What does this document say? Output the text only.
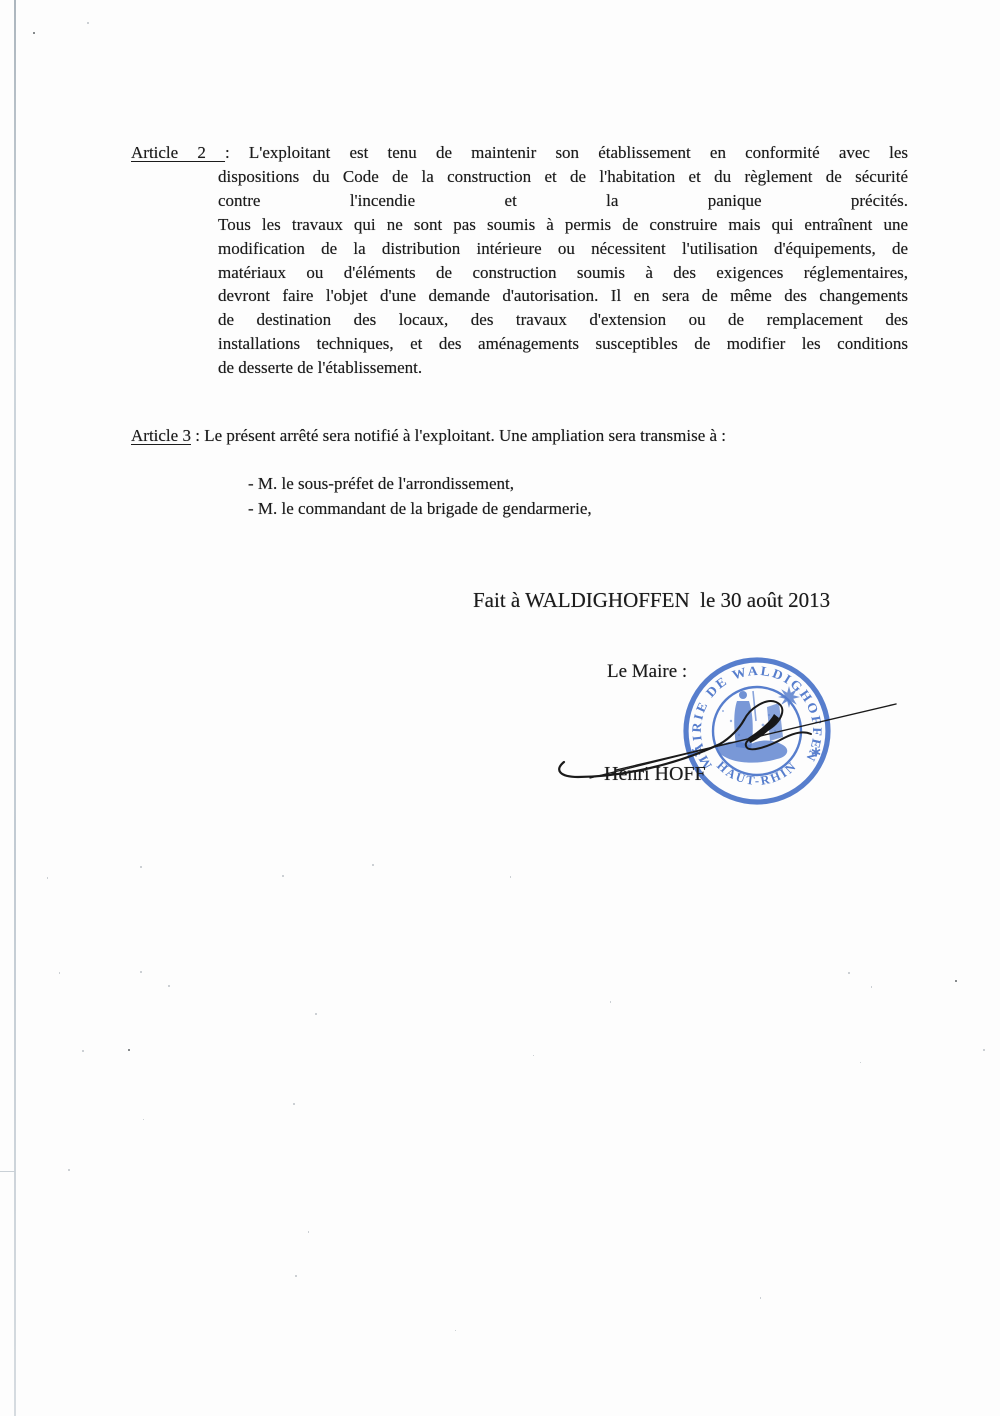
Article 2 : L'exploitant est tenu de maintenir son établissement en conformité avec les
dispositions du Code de la construction et de l'habitation et du règlement de sécurité
contre l'incendie et la panique précités.
Tous les travaux qui ne sont pas soumis à permis de construire mais qui entraînent une
modification de la distribution intérieure ou nécessitent l'utilisation d'équipements, de
matériaux ou d'éléments de construction soumis à des exigences réglementaires,
devront faire l'objet d'une demande d'autorisation. Il en sera de même des changements
de destination des locaux, des travaux d'extension ou de remplacement des
installations techniques, et des aménagements susceptibles de modifier les conditions
de desserte de l'établissement.
Article 3 : Le présent arrêté sera notifié à l'exploitant. Une ampliation sera transmise à :
- M. le sous-préfet de l'arrondissement,
- M. le commandant de la brigade de gendarmerie,
Fait à WALDIGHOFFEN  le 30 août 2013
Le Maire :
Henri HOFF
MAIRIE DE WALDIGHOFFEN
HAUT-RHIN
